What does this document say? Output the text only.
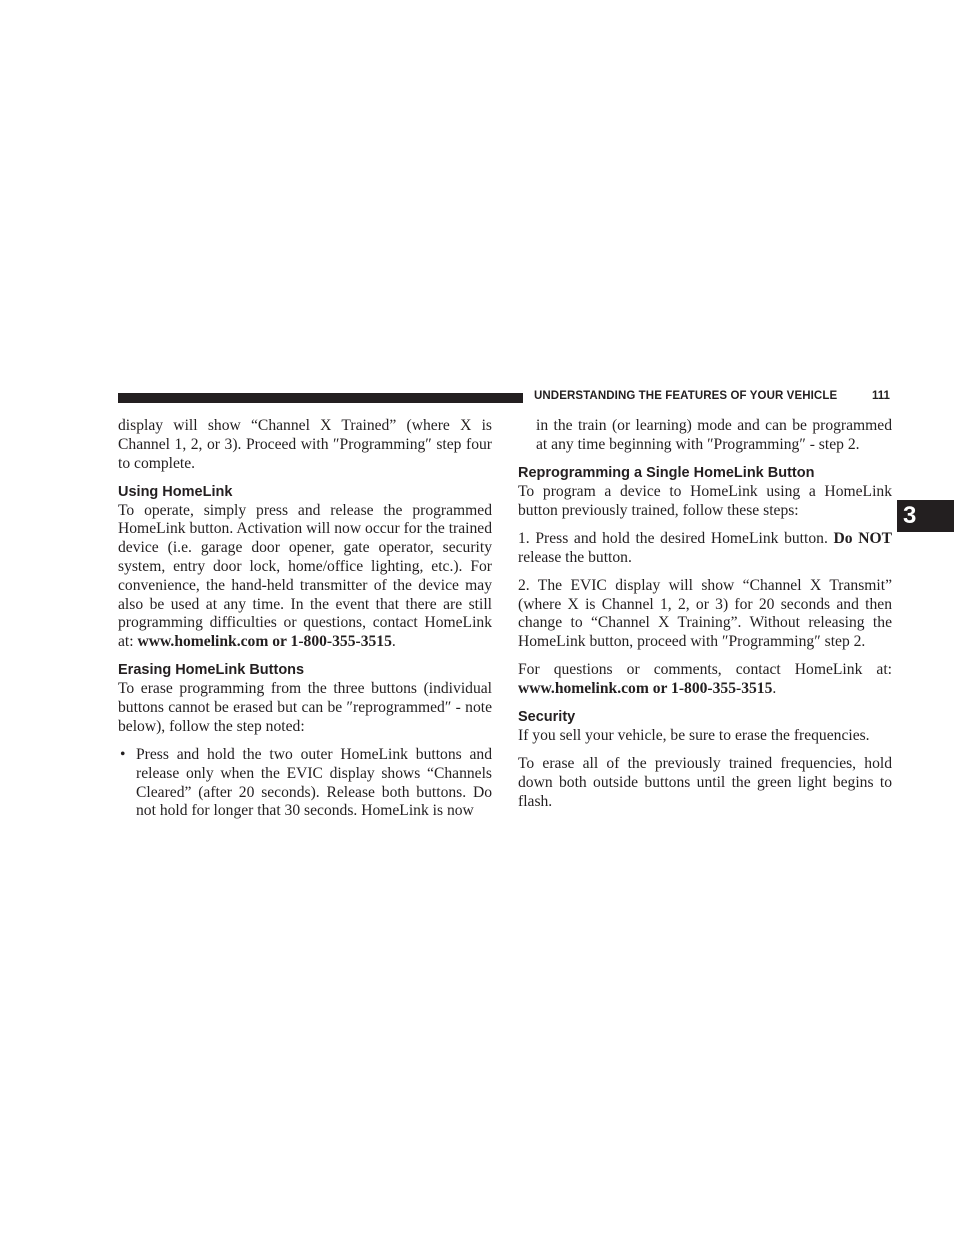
UNDERSTANDING THE FEATURES OF YOUR VEHICLE	111
3

display will show “Channel X Trained” (where X is Channel 1, 2, or 3). Proceed with ″Programming″ step four to complete.

Using HomeLink

To operate, simply press and release the programmed HomeLink button. Activation will now occur for the trained device (i.e. garage door opener, gate operator, security system, entry door lock, home/office lighting, etc.). For convenience, the hand-held transmitter of the device may also be used at any time. In the event that there are still programming difficulties or questions, contact HomeLink at: www.homelink.com or 1-800-355-3515.

Erasing HomeLink Buttons

To erase programming from the three buttons (individual buttons cannot be erased but can be ″reprogrammed″ - note below), follow the step noted:

• Press and hold the two outer HomeLink buttons and release only when the EVIC display shows “Channels Cleared” (after 20 seconds). Release both buttons. Do not hold for longer that 30 seconds. HomeLink is now

in the train (or learning) mode and can be programmed at any time beginning with ″Programming″ - step 2.

Reprogramming a Single HomeLink Button

To program a device to HomeLink using a HomeLink button previously trained, follow these steps:

1. Press and hold the desired HomeLink button. Do NOT release the button.

2. The EVIC display will show “Channel X Transmit” (where X is Channel 1, 2, or 3) for 20 seconds and then change to “Channel X Training”. Without releasing the HomeLink button, proceed with ″Programming″ step 2.

For questions or comments, contact HomeLink at: www.homelink.com or 1-800-355-3515.

Security

If you sell your vehicle, be sure to erase the frequencies.

To erase all of the previously trained frequencies, hold down both outside buttons until the green light begins to flash.
